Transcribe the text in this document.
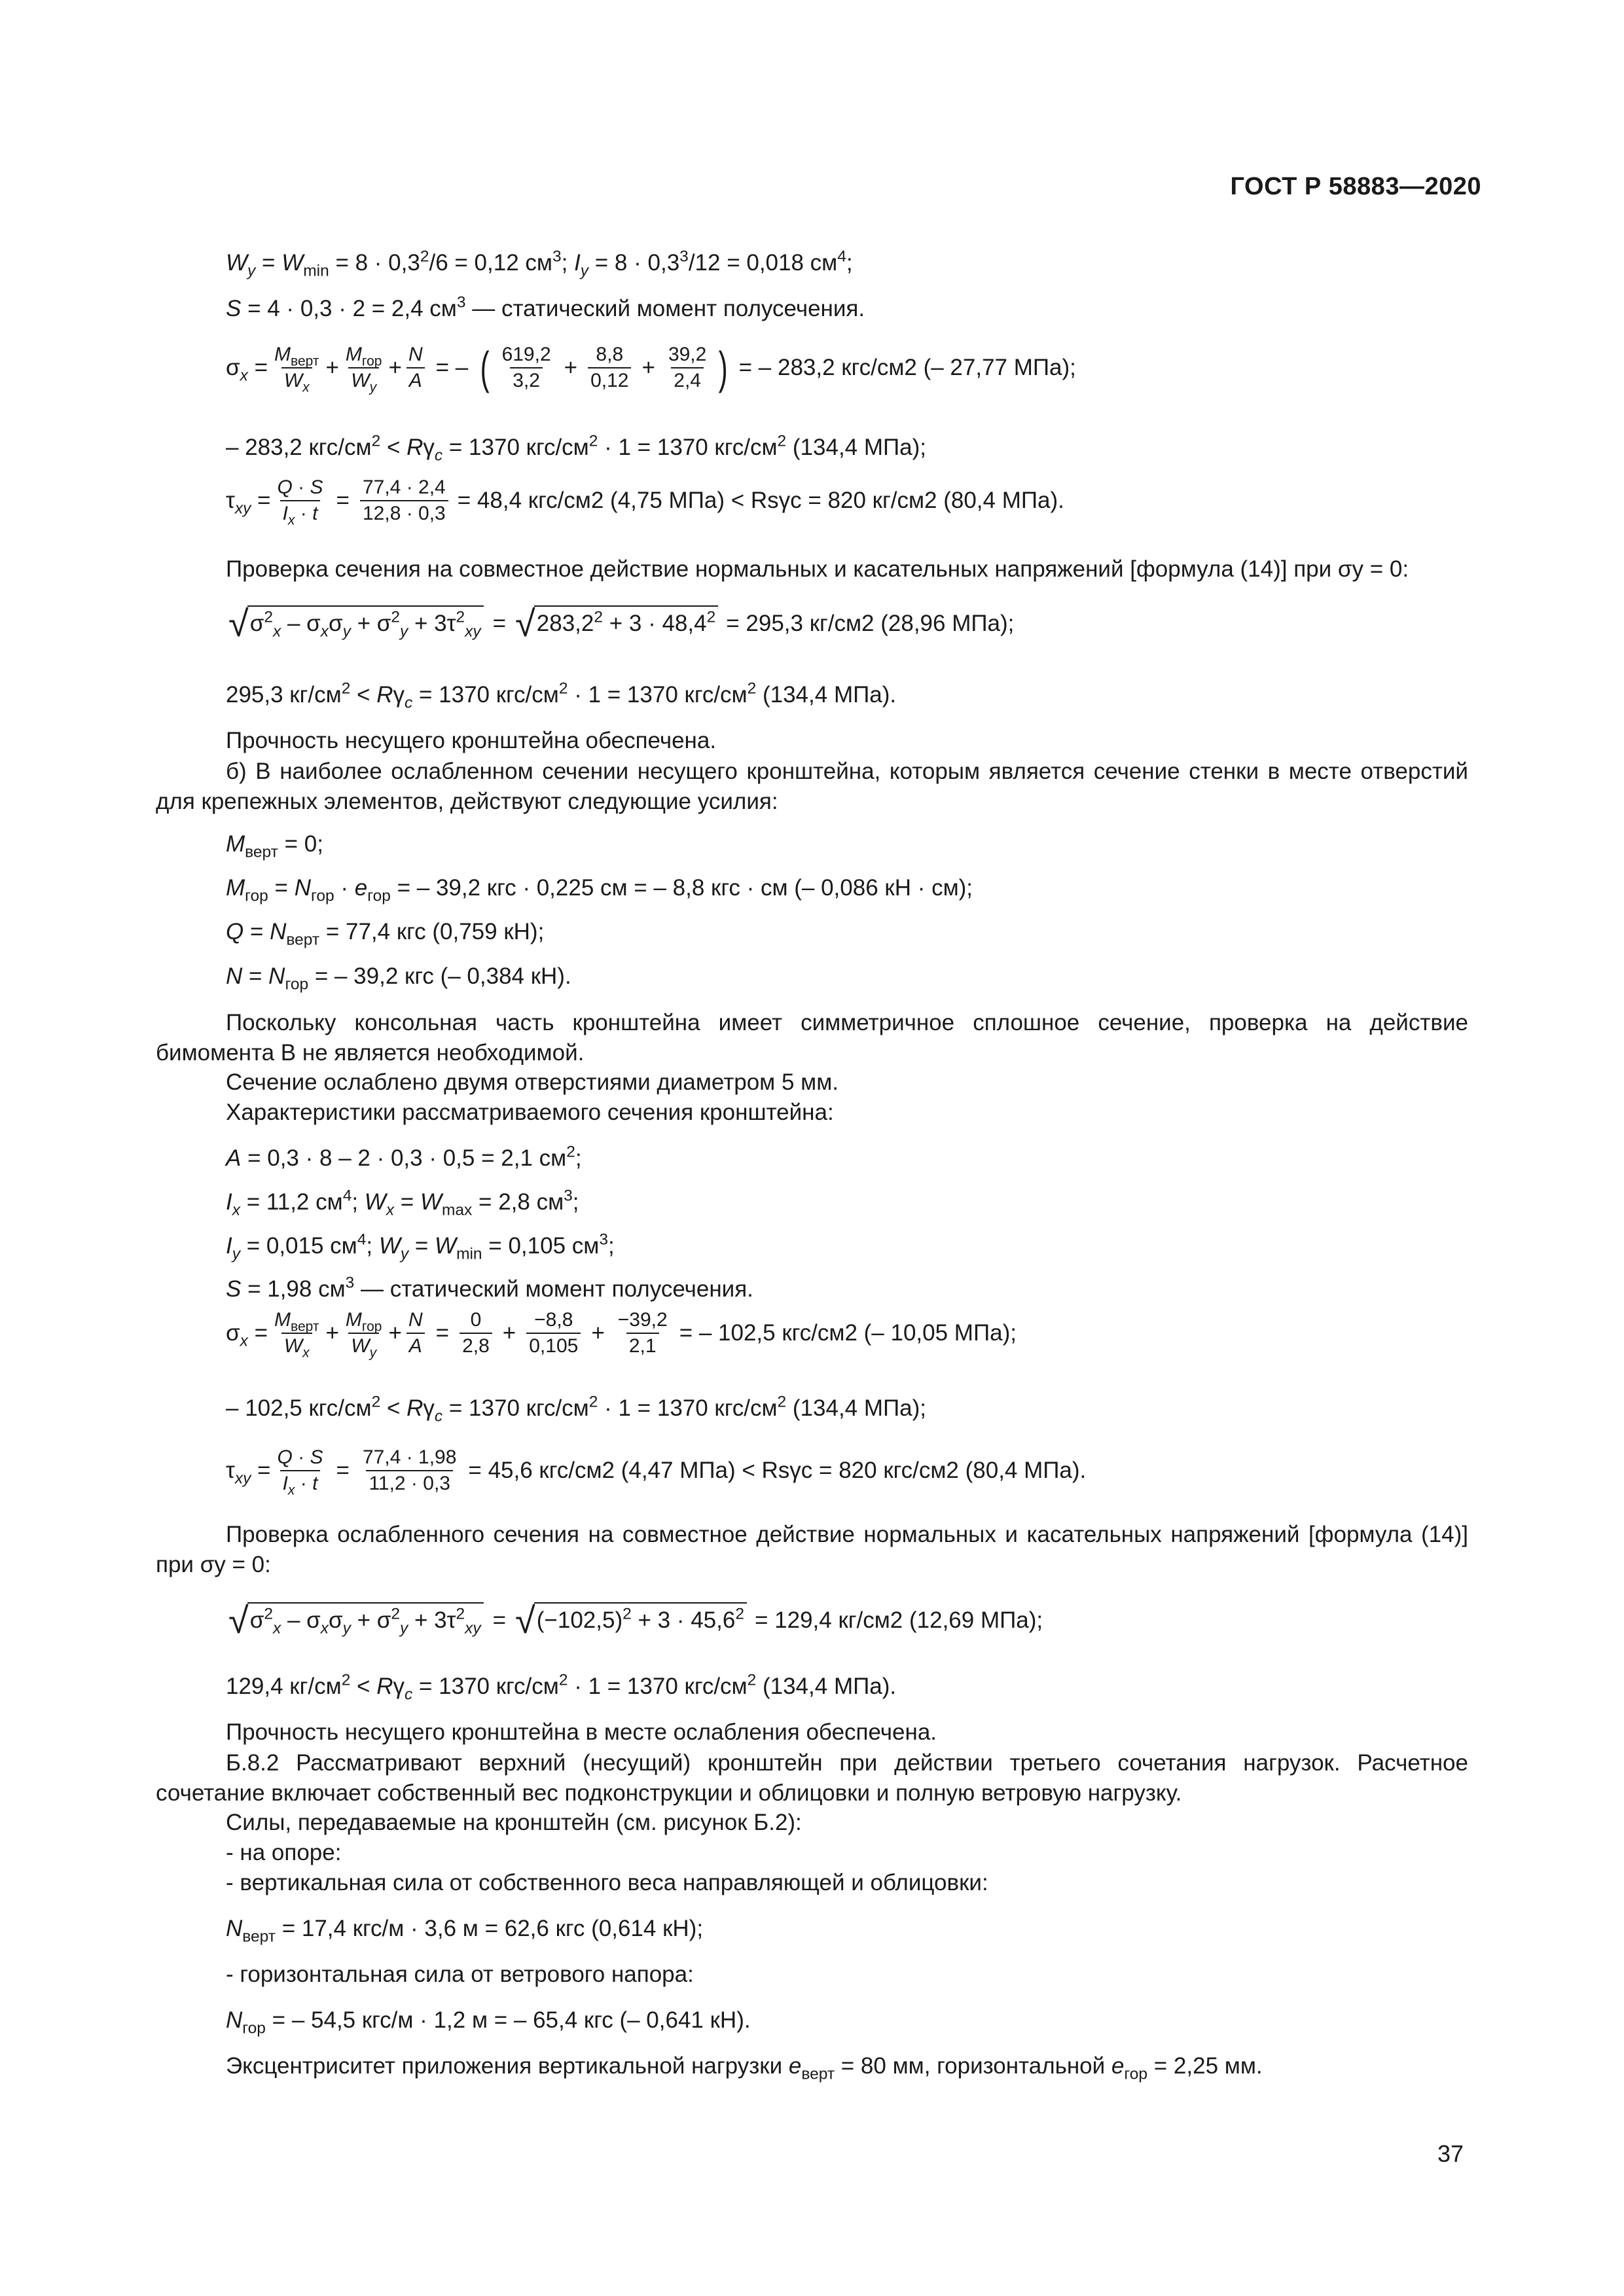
ГОСТ Р 58883—2020
$W_y = W_{min} = 8 \cdot 0,3^2/6 = 0,12$ $см^3$; $I_y = 8 \cdot 0,3^3/12 = 0,018$ $см^4$;
S = 4 · 0,3 · 2 = 2,4 $см^3$ — статический момент полусечения.
$\sigma_x = \frac{M_{верт}}{W_x} + \frac{M_{гор}}{W_y} + \frac{N}{A}$ = – ( $\frac{619,2}{3,2} + \frac{8,8}{0,12} + \frac{39,2}{2,4}$ ) = – 283,2 кгс/см2 (– 27,77 МПа);
– 283,2 кгс/$см^2 < R\gamma_c = 1370$ кгс/$см^2 \cdot 1 = 1370$ кгс/$см^2$ (134,4 МПа);
$\tau_{xy} = \frac{Q \cdot S}{I_x \cdot t} = \frac{77,4 \cdot 2,4}{12,8 \cdot 0,3} = 48,4$ кгс/см2 (4,75 МПа) < Rsγc = 820 кг/см2 (80,4 МПа).
Проверка сечения на совместное действие нормальных и касательных напряжений [формула (14)] при σy = 0:
√ $\sigma^2_x - \sigma_x\sigma_y + \sigma^2_y + 3\tau^2_{xy}$ = √ $283,2^2 + 3 \cdot 48,4^2 = 295,3$ кг/см2 (28,96 МПа);
295,3 $кг/см^2 < R\gamma_c = 1370$ кгс/$см^2 \cdot 1 = 1370$ кгс/$см^2$ (134,4 МПа).
Прочность несущего кронштейна обеспечена.
б) В наиболее ослабленном сечении несущего кронштейна, которым является сечение стенки в месте отверстий для крепежных элементов, действуют следующие усилия:
$M_{верт} = 0$;
$M_{гор} = N_{гор} \cdot e_{гор}$ = – 39,2 кгс · 0,225 см = – 8,8 кгс · см (– 0,086 кН · см);
$Q = N_{верт} = 77,4$ кгс (0,759 кН);
$N = N_{гор}$ = – 39,2 кгс (– 0,384 кН).
Поскольку консольная часть кронштейна имеет симметричное сплошное сечение, проверка на действие бимомента B не является необходимой.
Сечение ослаблено двумя отверстиями диаметром 5 мм.
Характеристики рассматриваемого сечения кронштейна:
A = 0,3 · 8 – 2 · 0,3 · 0,5 = 2,1 $см^2$;
$I_x = 11,2$ $см^4$; $W_x = W_{max} = 2,8$ $см^3$;
$I_y = 0,015$ $см^4$; $W_y = W_{min} = 0,105$ $см^3$;
S = 1,98 $см^3$ — статический момент полусечения.
$\sigma_x = \frac{M_{верт}}{W_x} + \frac{M_{гор}}{W_y} + \frac{N}{A} = \frac{0}{2,8} + \frac{-8,8}{0,105} + \frac{-39,2}{2,1}$ = – 102,5 кгс/см2 (– 10,05 МПа);
– 102,5 кгс/$см^2 < R\gamma_c = 1370$ кгс/$см^2 \cdot 1 = 1370$ кгс/$см^2$ (134,4 МПа);
$\tau_{xy} = \frac{Q \cdot S}{I_x \cdot t} = \frac{77,4 \cdot 1,98}{11,2 \cdot 0,3} = 45,6$ кгс/см2 (4,47 МПа) < Rsγc = 820 кгс/см2 (80,4 МПа).
Проверка ослабленного сечения на совместное действие нормальных и касательных напряжений [формула (14)] при σy = 0:
√ $\sigma^2_x - \sigma_x\sigma_y + \sigma^2_y + 3\tau^2_{xy}$ = √ $(-102,5)^2 + 3 \cdot 45,6^2 = 129,4$ кг/см2 (12,69 МПа);
129,4 $кг/см^2 < R\gamma_c = 1370$ кгс/$см^2 \cdot 1 = 1370$ кгс/$см^2$ (134,4 МПа).
Прочность несущего кронштейна в месте ослабления обеспечена.
Б.8.2 Рассматривают верхний (несущий) кронштейн при действии третьего сочетания нагрузок. Расчетное сочетание включает собственный вес подконструкции и облицовки и полную ветровую нагрузку.
Силы, передаваемые на кронштейн (см. рисунок Б.2):
- на опоре:
- вертикальная сила от собственного веса направляющей и облицовки:
$N_{верт} = 17,4$ кгс/м · 3,6 м = 62,6 кгс (0,614 кН);
- горизонтальная сила от ветрового напора:
$N_{гор}$ = – 54,5 кгс/м · 1,2 м = – 65,4 кгс (– 0,641 кН).
Эксцентриситет приложения вертикальной нагрузки $e_{верт} = 80$ мм, горизонтальной $e_{гор} = 2,25$ мм.
37
